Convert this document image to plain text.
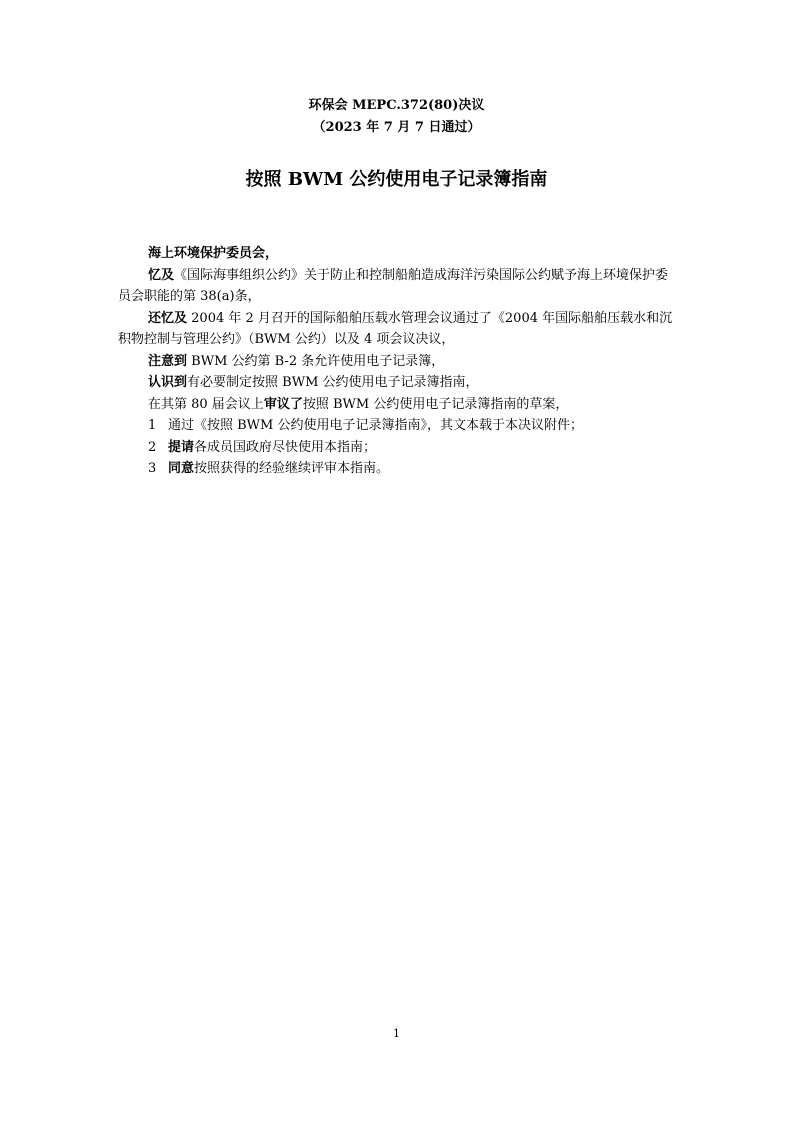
环保会 MEPC.372(80)决议
（2023 年 7 月 7 日通过）
按照 BWM 公约使用电子记录簿指南

海上环境保护委员会，

忆及《国际海事组织公约》关于防止和控制船舶造成海洋污染国际公约赋予海上环境保护委员会职能的第 38(a)条，

还忆及 2004 年 2 月召开的国际船舶压载水管理会议通过了《2004 年国际船舶压载水和沉积物控制与管理公约》（BWM 公约）以及 4 项会议决议，

注意到 BWM 公约第 B-2 条允许使用电子记录簿，

认识到有必要制定按照 BWM 公约使用电子记录簿指南，

在其第 80 届会议上审议了按照 BWM 公约使用电子记录簿指南的草案，

1 通过《按照 BWM 公约使用电子记录簿指南》，其文本载于本决议附件；

2 提请各成员国政府尽快使用本指南；

3 同意按照获得的经验继续评审本指南。

1
